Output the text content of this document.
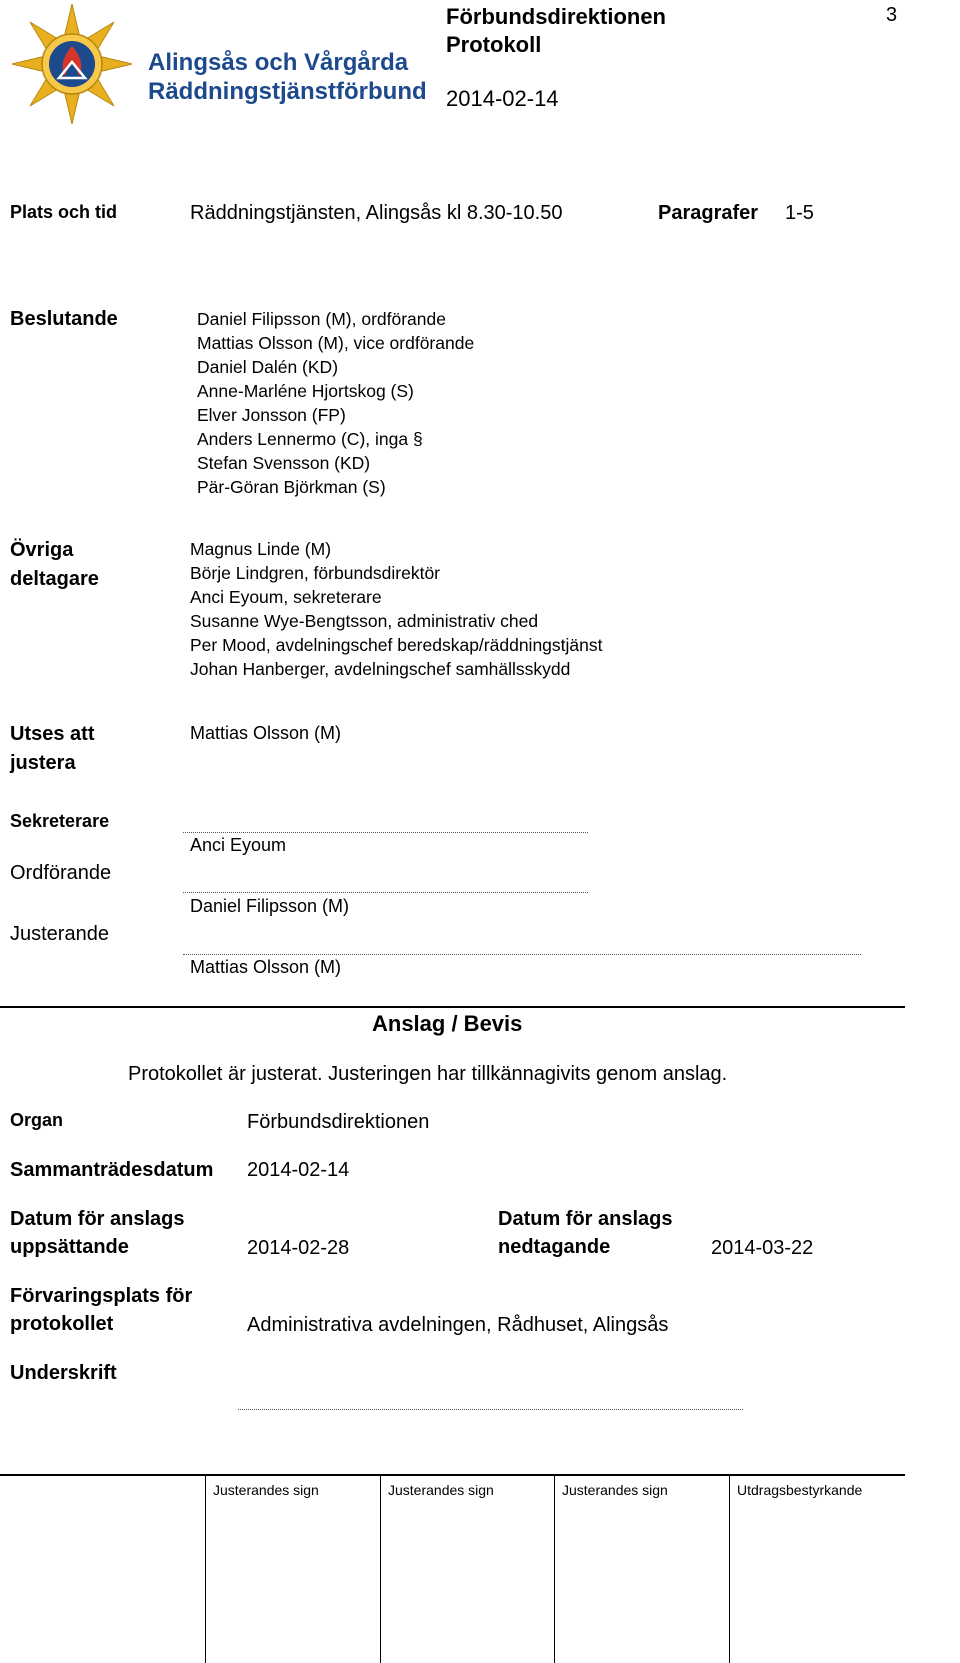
Alingsås och Vårgårda
Räddningstjänstförbund
Förbundsdirektionen
Protokoll
2014-02-14
3
Plats och tid	Räddningstjänsten, Alingsås kl 8.30-10.50	Paragrafer 1-5
Beslutande	Daniel Filipsson (M), ordförande
Mattias Olsson (M), vice ordförande
Daniel Dalén (KD)
Anne-Marléne Hjortskog (S)
Elver Jonsson (FP)
Anders Lennermo (C), inga §
Stefan Svensson (KD)
Pär-Göran Björkman (S)
Övriga
deltagare
Magnus Linde (M)
Börje Lindgren, förbundsdirektör
Anci Eyoum, sekreterare
Susanne Wye-Bengtsson, administrativ ched
Per Mood, avdelningschef beredskap/räddningstjänst
Johan Hanberger, avdelningschef samhällsskydd
Utses att
justera
Mattias Olsson (M)
Sekreterare
Anci Eyoum
Ordförande
Daniel Filipsson (M)
Justerande
Mattias Olsson (M)
Anslag / Bevis
Protokollet är justerat. Justeringen har tillkännagivits genom anslag.
Organ	Förbundsdirektionen
Sammanträdesdatum 2014-02-14
Datum för anslags
uppsättande	2014-02-28
Datum för anslags
nedtagande	2014-03-22
Förvaringsplats för
protokollet	Administrativa avdelningen, Rådhuset, Alingsås
Underskrift
Justerandes sign	Justerandes sign	Justerandes sign	Utdragsbestyrkande
